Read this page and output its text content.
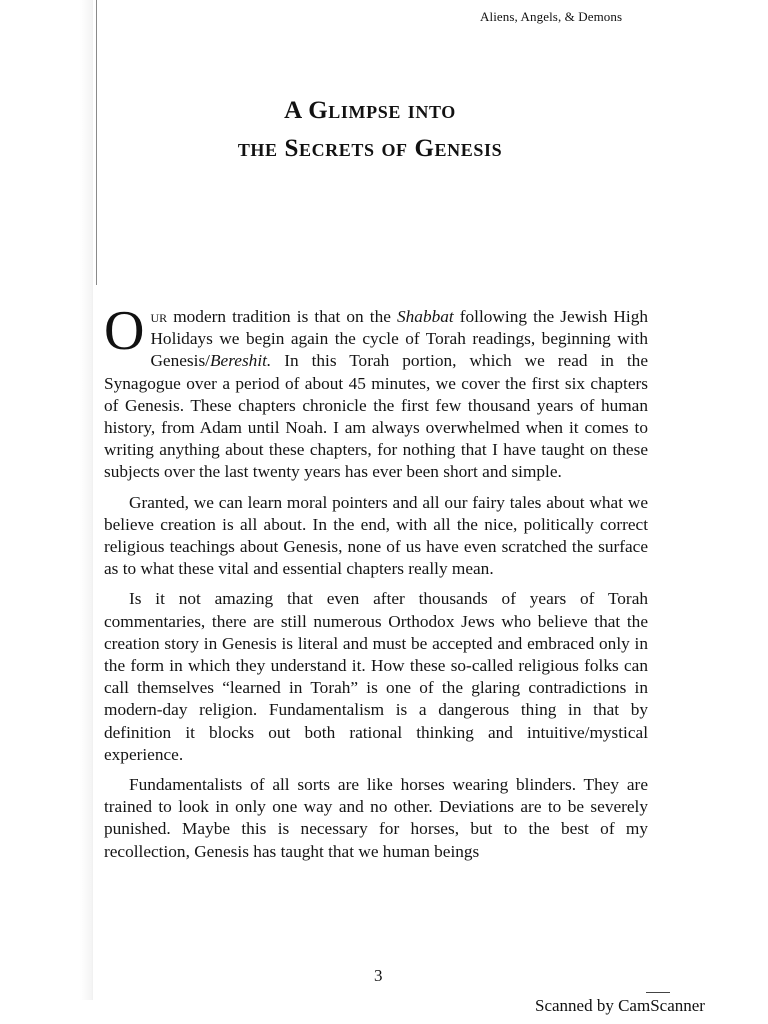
Aliens, Angels, & Demons
A Glimpse into
the Secrets of Genesis

Our modern tradition is that on the Shabbat following the Jewish High Holidays we begin again the cycle of Torah readings, beginning with Genesis/Bereshit. In this Torah portion, which we read in the Synagogue over a period of about 45 minutes, we cover the first six chapters of Genesis. These chapters chronicle the first few thousand years of human history, from Adam until Noah. I am always overwhelmed when it comes to writing anything about these chapters, for nothing that I have taught on these subjects over the last twenty years has ever been short and simple.

Granted, we can learn moral pointers and all our fairy tales about what we believe creation is all about. In the end, with all the nice, politically correct religious teachings about Genesis, none of us have even scratched the surface as to what these vital and essential chapters really mean.

Is it not amazing that even after thousands of years of Torah commentaries, there are still numerous Orthodox Jews who believe that the creation story in Genesis is literal and must be accepted and embraced only in the form in which they understand it. How these so-called religious folks can call themselves “learned in Torah” is one of the glaring contradictions in modern-day religion. Fundamentalism is a dangerous thing in that by definition it blocks out both rational thinking and intuitive/mystical experience.

Fundamentalists of all sorts are like horses wearing blinders. They are trained to look in only one way and no other. Deviations are to be severely punished. Maybe this is necessary for horses, but to the best of my recollection, Genesis has taught that we human beings

3
Scanned by CamScanner
